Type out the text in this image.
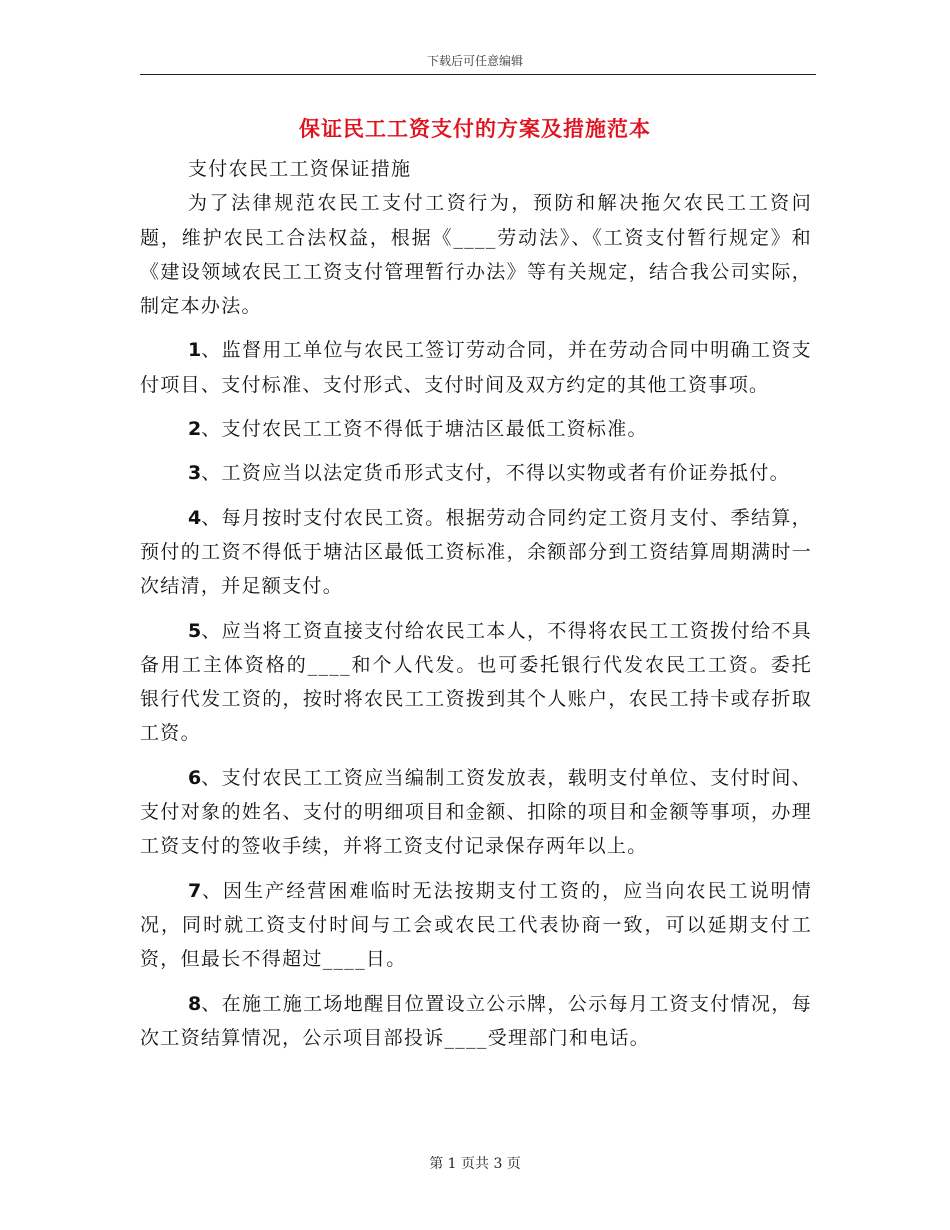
下载后可任意编辑
保证民工工资支付的方案及措施范本

支付农民工工资保证措施

为了法律规范农民工支付工资行为，预防和解决拖欠农民工工资问题，维护农民工合法权益，根据《____劳动法》、《工资支付暂行规定》和《建设领域农民工工资支付管理暂行办法》等有关规定，结合我公司实际，制定本办法。

1、监督用工单位与农民工签订劳动合同，并在劳动合同中明确工资支付项目、支付标准、支付形式、支付时间及双方约定的其他工资事项。

2、支付农民工工资不得低于塘沽区最低工资标准。

3、工资应当以法定货币形式支付，不得以实物或者有价证券抵付。

4、每月按时支付农民工资。根据劳动合同约定工资月支付、季结算，预付的工资不得低于塘沽区最低工资标准，余额部分到工资结算周期满时一次结清，并足额支付。

5、应当将工资直接支付给农民工本人，不得将农民工工资拨付给不具备用工主体资格的____和个人代发。也可委托银行代发农民工工资。委托银行代发工资的，按时将农民工工资拨到其个人账户，农民工持卡或存折取工资。

6、支付农民工工资应当编制工资发放表，载明支付单位、支付时间、支付对象的姓名、支付的明细项目和金额、扣除的项目和金额等事项，办理工资支付的签收手续，并将工资支付记录保存两年以上。

7、因生产经营困难临时无法按期支付工资的，应当向农民工说明情况，同时就工资支付时间与工会或农民工代表协商一致，可以延期支付工资，但最长不得超过____日。

8、在施工施工场地醒目位置设立公示牌，公示每月工资支付情况，每次工资结算情况，公示项目部投诉____受理部门和电话。

第 1 页共 3 页
